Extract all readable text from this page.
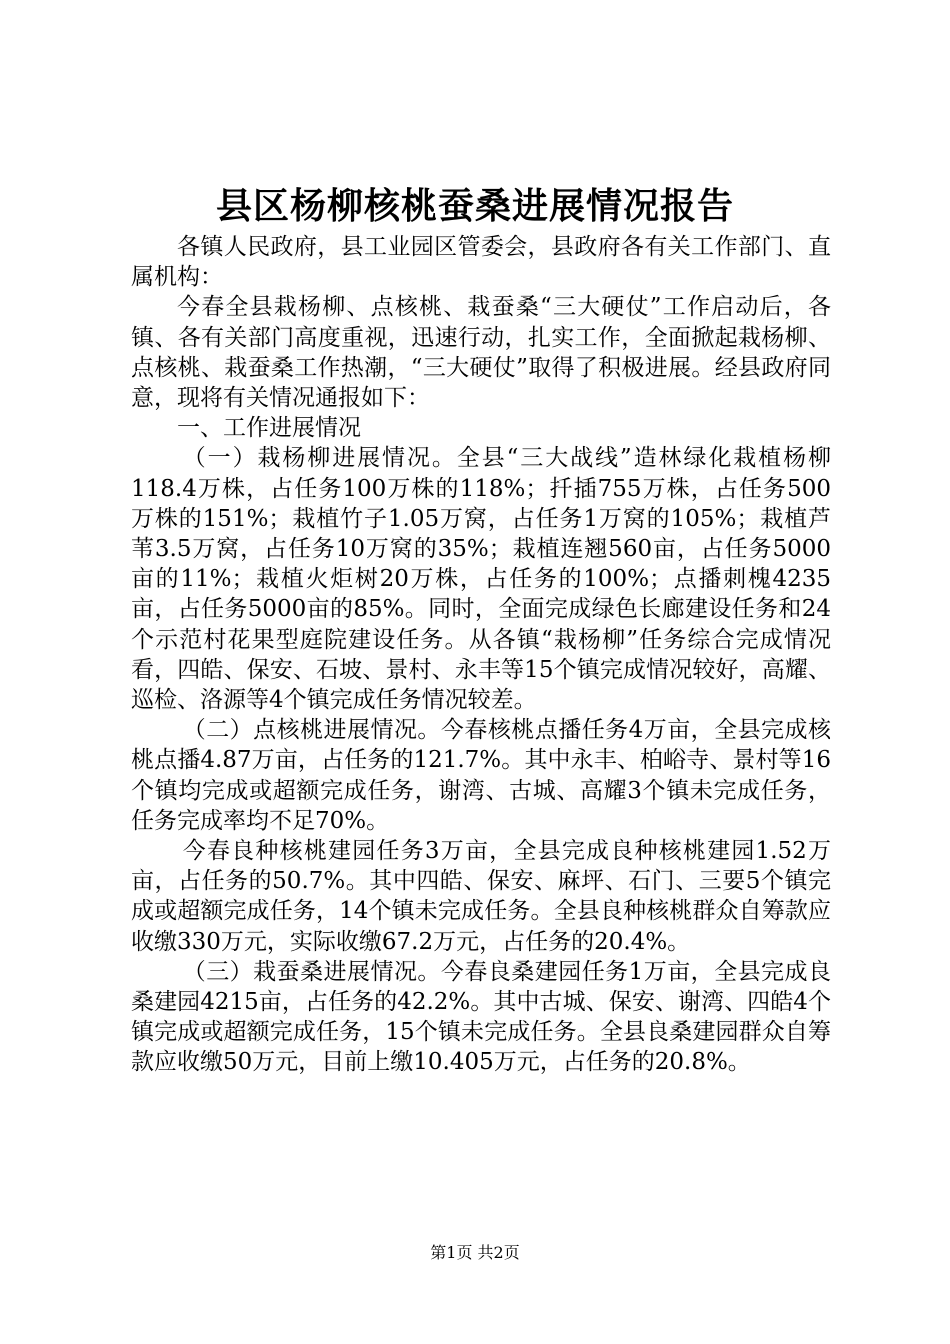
县区杨柳核桃蚕桑进展情况报告

各镇人民政府，县工业园区管委会，县政府各有关工作部门、直属机构：

今春全县栽杨柳、点核桃、栽蚕桑“三大硬仗”工作启动后，各镇、各有关部门高度重视，迅速行动，扎实工作，全面掀起栽杨柳、点核桃、栽蚕桑工作热潮，“三大硬仗”取得了积极进展。经县政府同意，现将有关情况通报如下：

一、工作进展情况

（一）栽杨柳进展情况。全县“三大战线”造林绿化栽植杨柳118.4万株，占任务100万株的118%；扦插755万株，占任务500万株的151%；栽植竹子1.05万窝，占任务1万窝的105%；栽植芦苇3.5万窝，占任务10万窝的35%；栽植连翘560亩，占任务5000亩的11%；栽植火炬树20万株，占任务的100%；点播刺槐4235亩，占任务5000亩的85%。同时，全面完成绿色长廊建设任务和24个示范村花果型庭院建设任务。从各镇“栽杨柳”任务综合完成情况看，四皓、保安、石坡、景村、永丰等15个镇完成情况较好，高耀、巡检、洛源等4个镇完成任务情况较差。

（二）点核桃进展情况。今春核桃点播任务4万亩，全县完成核桃点播4.87万亩，占任务的121.7%。其中永丰、柏峪寺、景村等16个镇均完成或超额完成任务，谢湾、古城、高耀3个镇未完成任务，任务完成率均不足70%。

今春良种核桃建园任务3万亩，全县完成良种核桃建园1.52万亩，占任务的50.7%。其中四皓、保安、麻坪、石门、三要5个镇完成或超额完成任务，14个镇未完成任务。全县良种核桃群众自筹款应收缴330万元，实际收缴67.2万元，占任务的20.4%。

（三）栽蚕桑进展情况。今春良桑建园任务1万亩，全县完成良桑建园4215亩，占任务的42.2%。其中古城、保安、谢湾、四皓4个镇完成或超额完成任务，15个镇未完成任务。全县良桑建园群众自筹款应收缴50万元，目前上缴10.405万元，占任务的20.8%。

第1页 共2页
